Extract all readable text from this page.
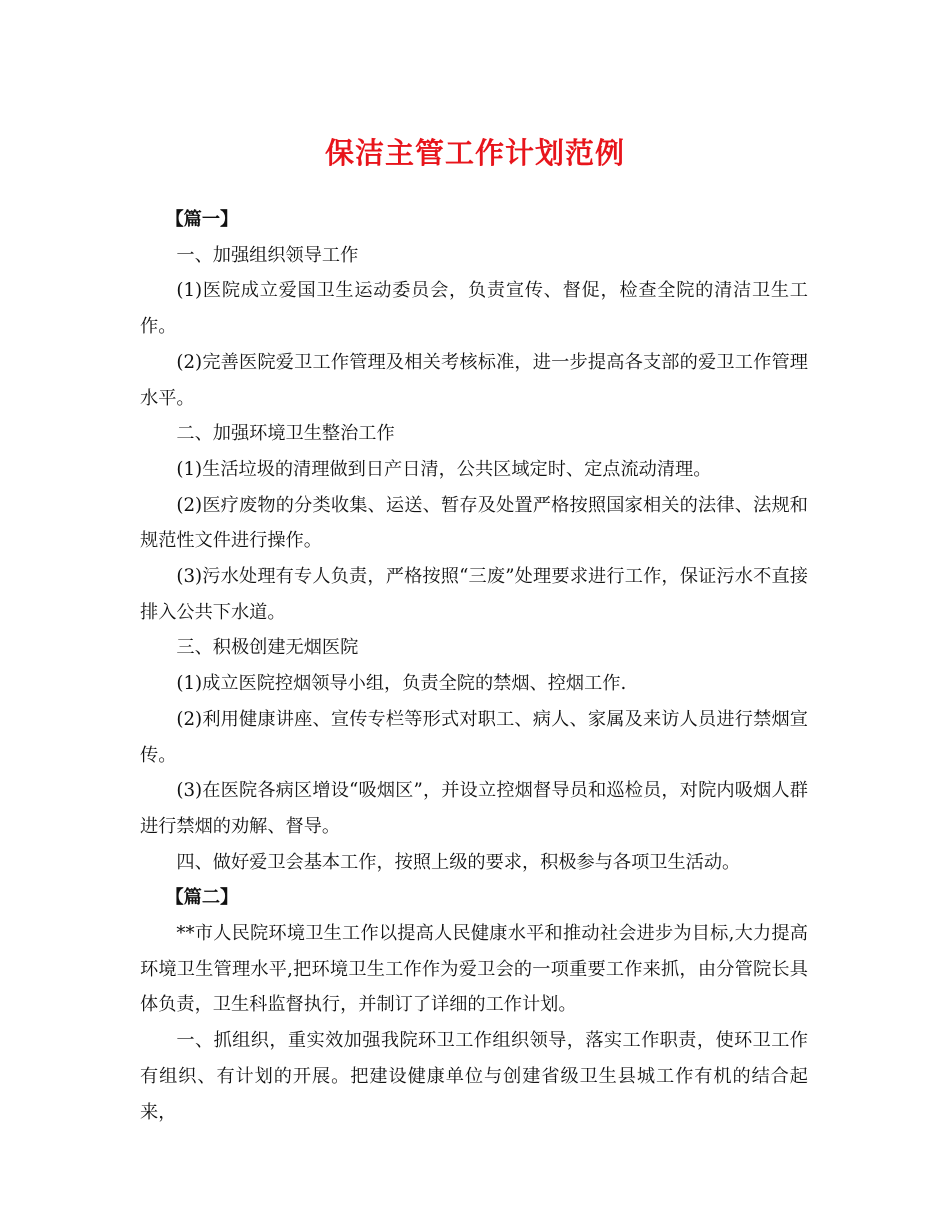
保洁主管工作计划范例

【篇一】

一、加强组织领导工作

(1)医院成立爱国卫生运动委员会，负责宣传、督促，检查全院的清洁卫生工作。

(2)完善医院爱卫工作管理及相关考核标准，进一步提高各支部的爱卫工作管理水平。

二、加强环境卫生整治工作

(1)生活垃圾的清理做到日产日清，公共区域定时、定点流动清理。

(2)医疗废物的分类收集、运送、暂存及处置严格按照国家相关的法律、法规和规范性文件进行操作。

(3)污水处理有专人负责，严格按照“三废”处理要求进行工作，保证污水不直接排入公共下水道。

三、积极创建无烟医院

(1)成立医院控烟领导小组，负责全院的禁烟、控烟工作.

(2)利用健康讲座、宣传专栏等形式对职工、病人、家属及来访人员进行禁烟宣传。

(3)在医院各病区增设“吸烟区”，并设立控烟督导员和巡检员，对院内吸烟人群进行禁烟的劝解、督导。

四、做好爱卫会基本工作，按照上级的要求，积极参与各项卫生活动。

【篇二】

**市人民院环境卫生工作以提高人民健康水平和推动社会进步为目标,大力提高环境卫生管理水平,把环境卫生工作作为爱卫会的一项重要工作来抓，由分管院长具体负责，卫生科监督执行，并制订了详细的工作计划。

一、抓组织，重实效加强我院环卫工作组织领导，落实工作职责，使环卫工作有组织、有计划的开展。把建设健康单位与创建省级卫生县城工作有机的结合起来，
